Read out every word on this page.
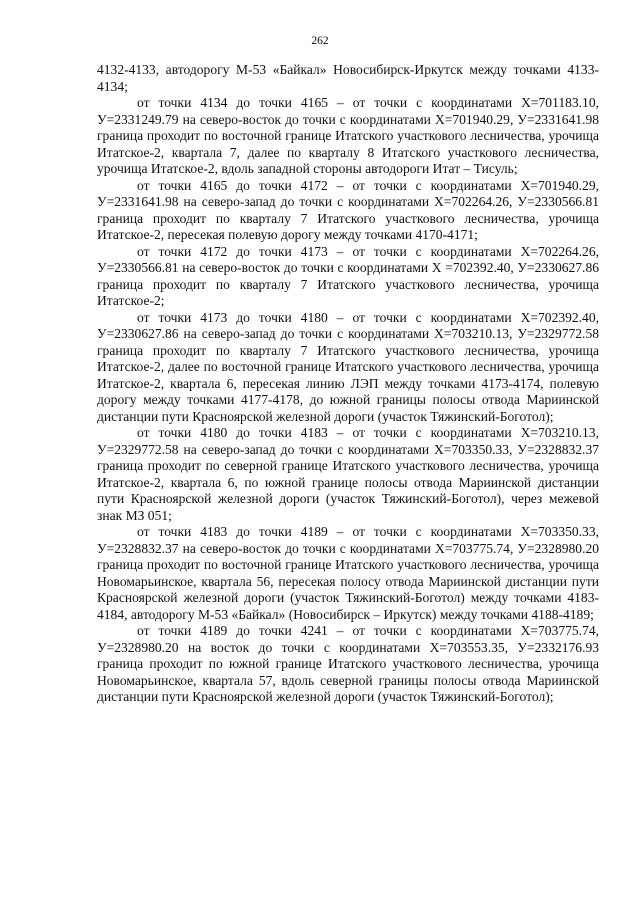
262

4132-4133, автодорогу М-53 «Байкал» Новосибирск-Иркутск между точками 4133-4134;

от точки 4134 до точки 4165 – от точки с координатами Х=701183.10, У=2331249.79 на северо-восток до точки с координатами Х=701940.29, У=2331641.98 граница проходит по восточной границе Итатского участкового лесничества, урочища Итатское-2, квартала 7, далее по кварталу 8 Итатского участкового лесничества, урочища Итатское-2, вдоль западной стороны автодороги Итат – Тисуль;

от точки 4165 до точки 4172 – от точки с координатами Х=701940.29, У=2331641.98 на северо-запад до точки с координатами Х=702264.26, У=2330566.81 граница проходит по кварталу 7 Итатского участкового лесничества, урочища Итатское-2, пересекая полевую дорогу между точками 4170-4171;

от точки 4172 до точки 4173 – от точки с координатами Х=702264.26, У=2330566.81 на северо-восток до точки с координатами Х =702392.40, У=2330627.86 граница проходит по кварталу 7 Итатского участкового лесничества, урочища Итатское-2;

от точки 4173 до точки 4180 – от точки с координатами Х=702392.40, У=2330627.86 на северо-запад до точки с координатами Х=703210.13, У=2329772.58 граница проходит по кварталу 7 Итатского участкового лесничества, урочища Итатское-2, далее по восточной границе Итатского участкового лесничества, урочища Итатское-2, квартала 6, пересекая линию ЛЭП между точками 4173-4174, полевую дорогу между точками 4177-4178, до южной границы полосы отвода Мариинской дистанции пути Красноярской железной дороги (участок Тяжинский-Боготол);

от точки 4180 до точки 4183 – от точки с координатами Х=703210.13, У=2329772.58 на северо-запад до точки с координатами Х=703350.33, У=2328832.37 граница проходит по северной границе Итатского участкового лесничества, урочища Итатское-2, квартала 6, по южной границе полосы отвода Мариинской дистанции пути Красноярской железной дороги (участок Тяжинский-Боготол), через межевой знак МЗ 051;

от точки 4183 до точки 4189 – от точки с координатами Х=703350.33, У=2328832.37 на северо-восток до точки с координатами Х=703775.74, У=2328980.20 граница проходит по восточной границе Итатского участкового лесничества, урочища Новомарьинское, квартала 56, пересекая полосу отвода Мариинской дистанции пути Красноярской железной дороги (участок Тяжинский-Боготол) между точками 4183-4184, автодорогу М-53 «Байкал» (Новосибирск – Иркутск) между точками 4188-4189;

от точки 4189 до точки 4241 – от точки с координатами Х=703775.74, У=2328980.20 на восток до точки с координатами Х=703553.35, У=2332176.93 граница проходит по южной границе Итатского участкового лесничества, урочища Новомарьинское, квартала 57, вдоль северной границы полосы отвода Мариинской дистанции пути Красноярской железной дороги (участок Тяжинский-Боготол);
